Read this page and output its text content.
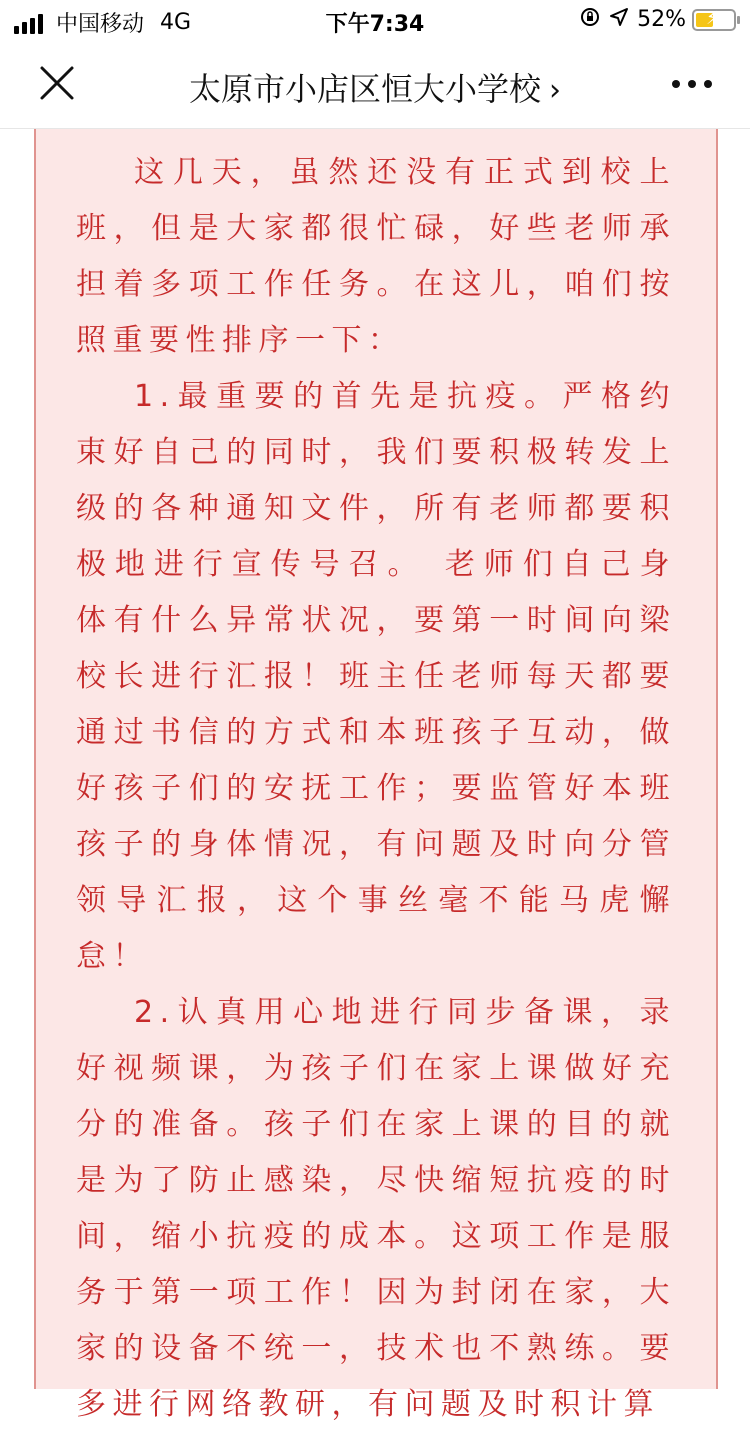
中国移动 4G	下午7:34	52% ⚡
太原市小店区恒大小学校 ›

这几天，虽然还没有正式到校上班，但是大家都很忙碌，好些老师承担着多项工作任务。在这儿，咱们按照重要性排序一下：

1.最重要的首先是抗疫。严格约束好自己的同时，我们要积极转发上级的各种通知文件，所有老师都要积极地进行宣传号召。 老师们自己身体有什么异常状况，要第一时间向梁校长进行汇报！班主任老师每天都要通过书信的方式和本班孩子互动，做好孩子们的安抚工作；要监管好本班孩子的身体情况，有问题及时向分管领导汇报，这个事丝毫不能马虎懈怠！

2.认真用心地进行同步备课，录好视频课，为孩子们在家上课做好充分的准备。孩子们在家上课的目的就是为了防止感染，尽快缩短抗疫的时间，缩小抗疫的成本。这项工作是服务于第一项工作！因为封闭在家，大家的设备不统一，技术也不熟练。要多进行网络教研，有问题及时积计算
